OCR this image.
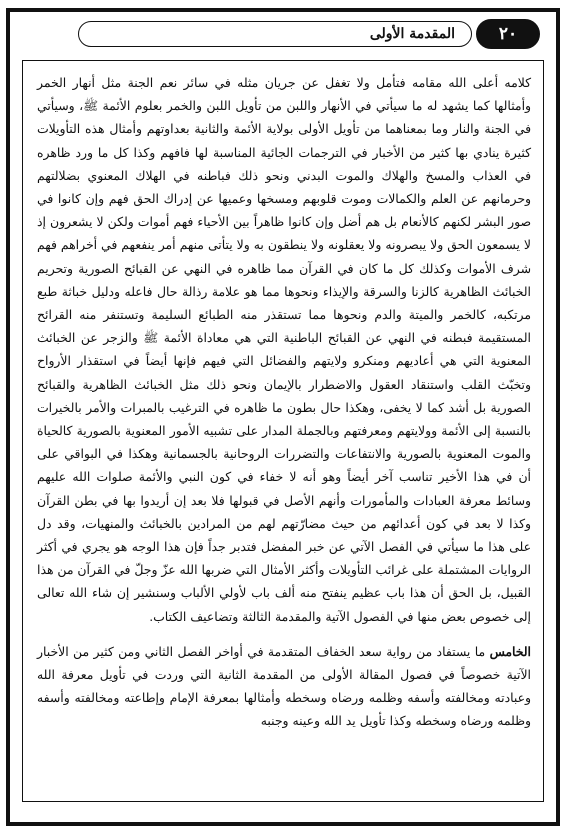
المقدمة الأولى	٢٠

كلامه أعلى الله مقامه فتأمل ولا تغفل عن جريان مثله في سائر نعم الجنة مثل أنهار الخمر وأمثالها كما يشهد له ما سيأتي في الأنهار واللبن من تأويل اللبن والخمر بعلوم الأئمة ﷺ، وسيأتي في الجنة والنار وما بمعناهما من تأويل الأولى بولاية الأئمة والثانية بعداوتهم وأمثال هذه التأويلات كثيرة ينادي بها كثير من الأخبار في الترجمات الجائية المناسبة لها فافهم وكذا كل ما ورد ظاهره في العذاب والمسخ والهلاك والموت البدني ونحو ذلك فباطنه في الهلاك المعنوي بضلالتهم وحرمانهم عن العلم والكمالات وموت قلوبهم ومسخها وعميها عن إدراك الحق فهم وإن كانوا في صور البشر لكنهم كالأنعام بل هم أضل وإن كانوا ظاهراً بين الأحياء فهم أموات ولكن لا يشعرون إذ لا يسمعون الحق ولا يبصرونه ولا يعقلونه ولا ينطقون به ولا يتأتى منهم أمر ينفعهم في أخراهم فهم شرف الأموات وكذلك كل ما كان في القرآن مما ظاهره في النهي عن القبائح الصورية وتحريم الخبائث الظاهرية كالزنا والسرقة والإيذاء ونحوها مما هو علامة رذالة حال فاعله ودليل خباثة طبع مرتكبه، كالخمر والميتة والدم ونحوها مما تستقذر منه الطبائع السليمة وتستنفر منه القرائح المستقيمة فبطنه في النهي عن القبائح الباطنية التي هي معاداة الأئمة ﷺ والزجر عن الخبائث المعنوية التي هي أعاديهم ومنكرو ولايتهم والفضائل التي فيهم فإنها أيضاً في استقذار الأرواح وتخبّث القلب واستنقاد العقول والاضطرار بالإيمان ونحو ذلك مثل الخبائث الظاهرية والقبائح الصورية بل أشد كما لا يخفى، وهكذا حال بطون ما ظاهره في الترغيب بالمبرات والأمر بالخيرات بالنسبة إلى الأئمة وولايتهم ومعرفتهم وبالجملة المدار على تشبيه الأمور المعنوية بالصورية كالحياة والموت المعنوية بالصورية والانتفاعات والتضررات الروحانية بالجسمانية وهكذا في البواقي على أن في هذا الأخير تناسب آخر أيضاً وهو أنه لا خفاء في كون النبي والأئمة صلوات الله عليهم وسائط معرفة العبادات والمأمورات وأنهم الأصل في قبولها فلا بعد إن أريدوا بها في بطن القرآن وكذا لا بعد في كون أعدائهم من حيث مضارّتهم لهم من المرادين بالخبائث والمنهيات، وقد دل على هذا ما سيأتي في الفصل الآتي عن خبر المفضل فتدبر جداً فإن هذا الوجه هو يجري في أكثر الروايات المشتملة على غرائب التأويلات وأكثر الأمثال التي ضربها الله عزّ وجلّ في القرآن من هذا القبيل، بل الحق أن هذا باب عظيم ينفتح منه ألف باب لأولي الألباب وسنشير إن شاء الله تعالى إلى خصوص بعض منها في الفصول الآتية والمقدمة الثالثة وتضاعيف الكتاب.

الخامس ما يستفاد من رواية سعد الخفاف المتقدمة في أواخر الفصل الثاني ومن كثير من الأخبار الآتية خصوصاً في فصول المقالة الأولى من المقدمة الثانية التي وردت في تأويل معرفة الله وعبادته ومخالفته وأسفه وظلمه ورضاه وسخطه وأمثالها بمعرفة الإمام وإطاعته ومخالفته وأسفه وظلمه ورضاه وسخطه وكذا تأويل يد الله وعينه وجنبه
